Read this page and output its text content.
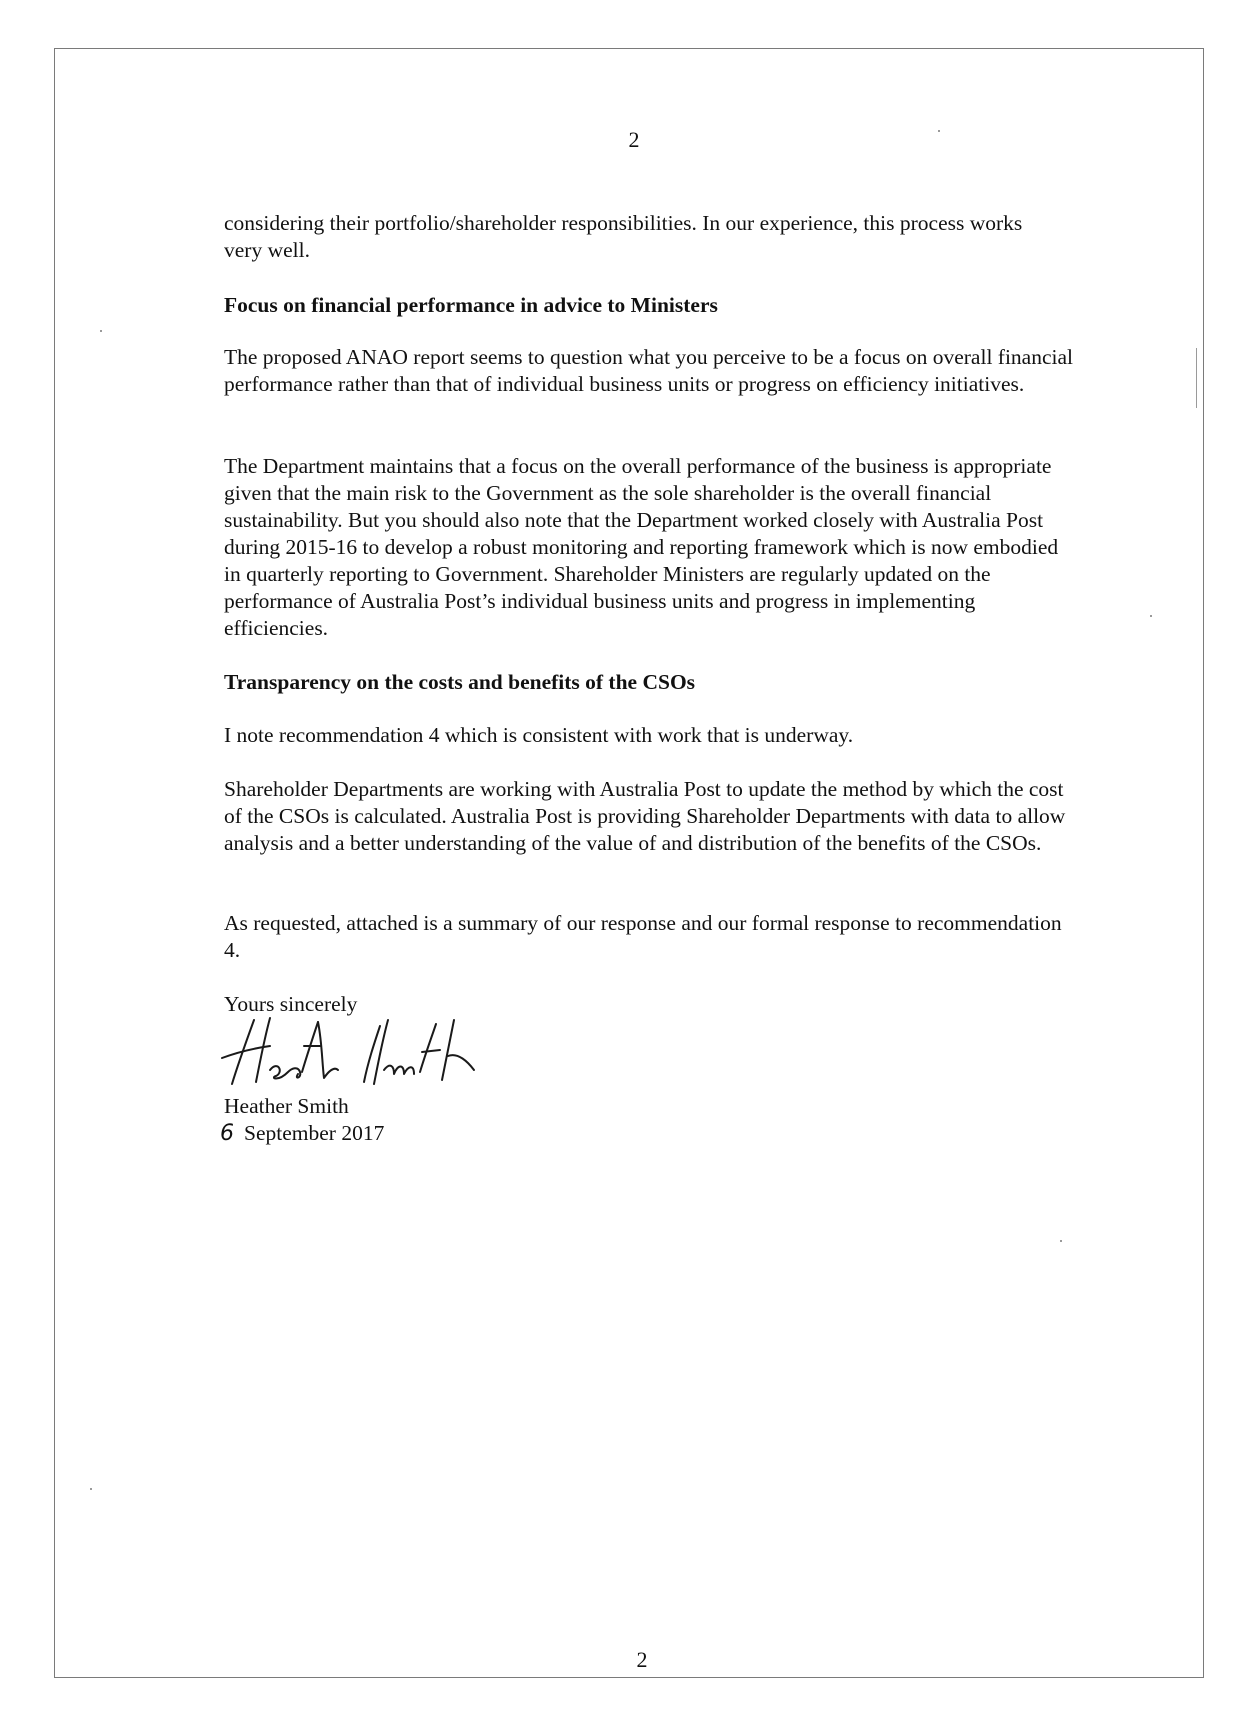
2

considering their portfolio/shareholder responsibilities. In our experience, this process works very well.

Focus on financial performance in advice to Ministers

The proposed ANAO report seems to question what you perceive to be a focus on overall financial performance rather than that of individual business units or progress on efficiency initiatives.

The Department maintains that a focus on the overall performance of the business is appropriate given that the main risk to the Government as the sole shareholder is the overall financial sustainability. But you should also note that the Department worked closely with Australia Post during 2015-16 to develop a robust monitoring and reporting framework which is now embodied in quarterly reporting to Government. Shareholder Ministers are regularly updated on the performance of Australia Post’s individual business units and progress in implementing efficiencies.

Transparency on the costs and benefits of the CSOs

I note recommendation 4 which is consistent with work that is underway.

Shareholder Departments are working with Australia Post to update the method by which the cost of the CSOs is calculated. Australia Post is providing Shareholder Departments with data to allow analysis and a better understanding of the value of and distribution of the benefits of the CSOs.

As requested, attached is a summary of our response and our formal response to recommendation 4.

Yours sincerely

Heather Smith

6 September 2017

2
